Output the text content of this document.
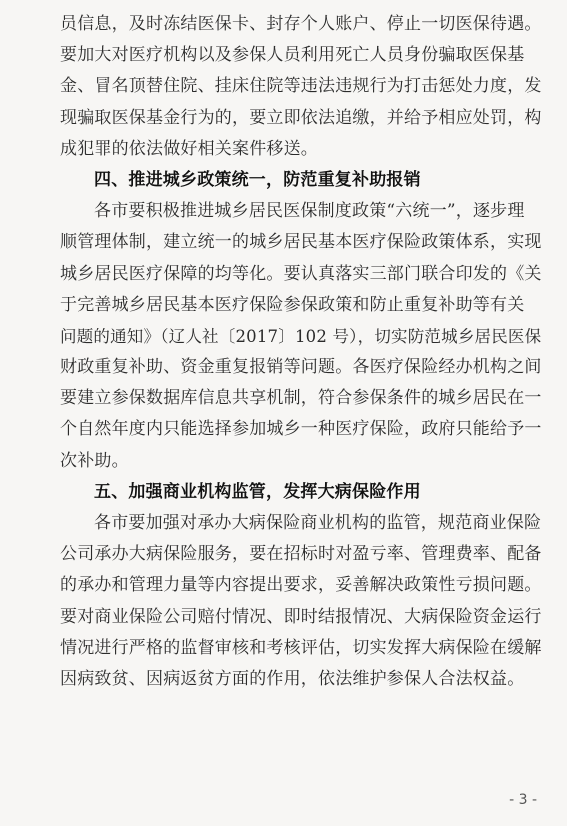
员信息，及时冻结医保卡、封存个人账户、停止一切医保待遇。
要加大对医疗机构以及参保人员利用死亡人员身份骗取医保基
金、冒名顶替住院、挂床住院等违法违规行为打击惩处力度，发
现骗取医保基金行为的，要立即依法追缴，并给予相应处罚，构
成犯罪的依法做好相关案件移送。
四、推进城乡政策统一，防范重复补助报销
各市要积极推进城乡居民医保制度政策“六统一”，逐步理
顺管理体制，建立统一的城乡居民基本医疗保险政策体系，实现
城乡居民医疗保障的均等化。要认真落实三部门联合印发的《关
于完善城乡居民基本医疗保险参保政策和防止重复补助等有关
问题的通知》（辽人社〔2017〕102 号），切实防范城乡居民医保
财政重复补助、资金重复报销等问题。各医疗保险经办机构之间
要建立参保数据库信息共享机制，符合参保条件的城乡居民在一
个自然年度内只能选择参加城乡一种医疗保险，政府只能给予一
次补助。
五、加强商业机构监管，发挥大病保险作用
各市要加强对承办大病保险商业机构的监管，规范商业保险
公司承办大病保险服务，要在招标时对盈亏率、管理费率、配备
的承办和管理力量等内容提出要求，妥善解决政策性亏损问题。
要对商业保险公司赔付情况、即时结报情况、大病保险资金运行
情况进行严格的监督审核和考核评估，切实发挥大病保险在缓解
因病致贫、因病返贫方面的作用，依法维护参保人合法权益。
- 3 -
